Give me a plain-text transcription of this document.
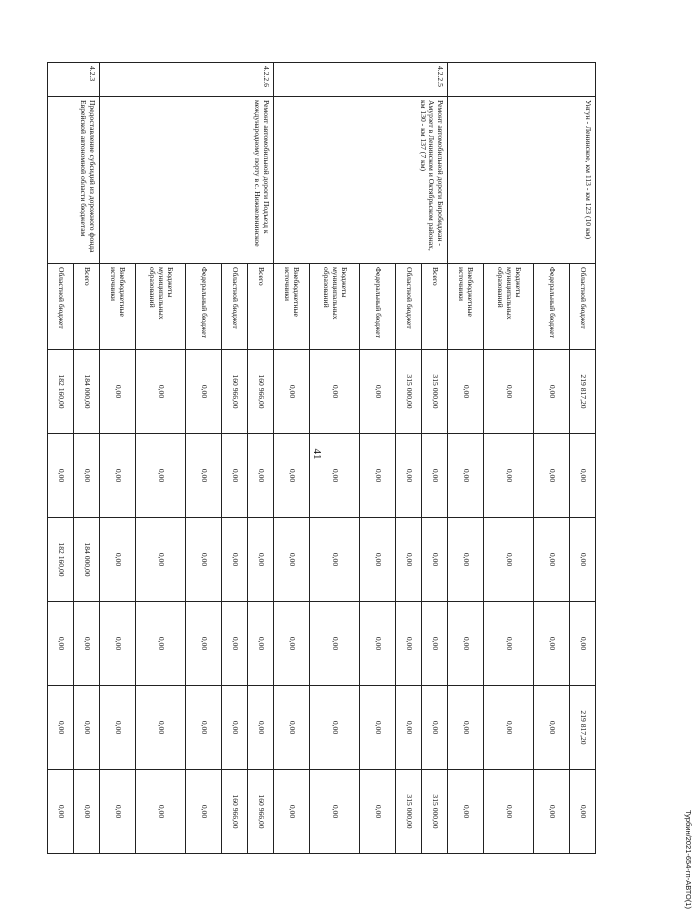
41
Турбин/2021-654-гп-АВТО(1)
	Унгун - Ленинское, км 113 - км 123 (10 км)	Областной бюджет	219 817,20	0,00	0,00	0,00	219 817,20	0,00
		Федеральный бюджет	0,00	0,00	0,00	0,00	0,00	0,00
		Бюджеты муниципальных образований	0,00	0,00	0,00	0,00	0,00	0,00
		Внебюджетные источники	0,00	0,00	0,00	0,00	0,00	0,00
4.2.2.5	Ремонт автомобильной дороги Биробиджан - Амурзет в Ленинском и Октябрьском районах, км 130 - км 137 (7 км)	Всего	315 000,00	0,00	0,00	0,00	0,00	315 000,00
		Областной бюджет	315 000,00	0,00	0,00	0,00	0,00	315 000,00
		Федеральный бюджет	0,00	0,00	0,00	0,00	0,00	0,00
		Бюджеты муниципальных образований	0,00	0,00	0,00	0,00	0,00	0,00
		Внебюджетные источники	0,00	0,00	0,00	0,00	0,00	0,00
4.2.2.6	Ремонт автомобильной дороги Подъезд к международному порту в с. Нижнеленинское	Всего	160 966,00	0,00	0,00	0,00	0,00	160 966,00
		Областной бюджет	160 966,00	0,00	0,00	0,00	0,00	160 966,00
		Федеральный бюджет	0,00	0,00	0,00	0,00	0,00	0,00
		Бюджеты муниципальных образований	0,00	0,00	0,00	0,00	0,00	0,00
		Внебюджетные источники	0,00	0,00	0,00	0,00	0,00	0,00
4.2.3	Предоставление субсидий из дорожного фонда Еврейской автономной области бюджетам	Всего	184 000,00	0,00	184 000,00	0,00	0,00	0,00
		Областной бюджет	182 160,00	0,00	182 160,00	0,00	0,00	0,00
